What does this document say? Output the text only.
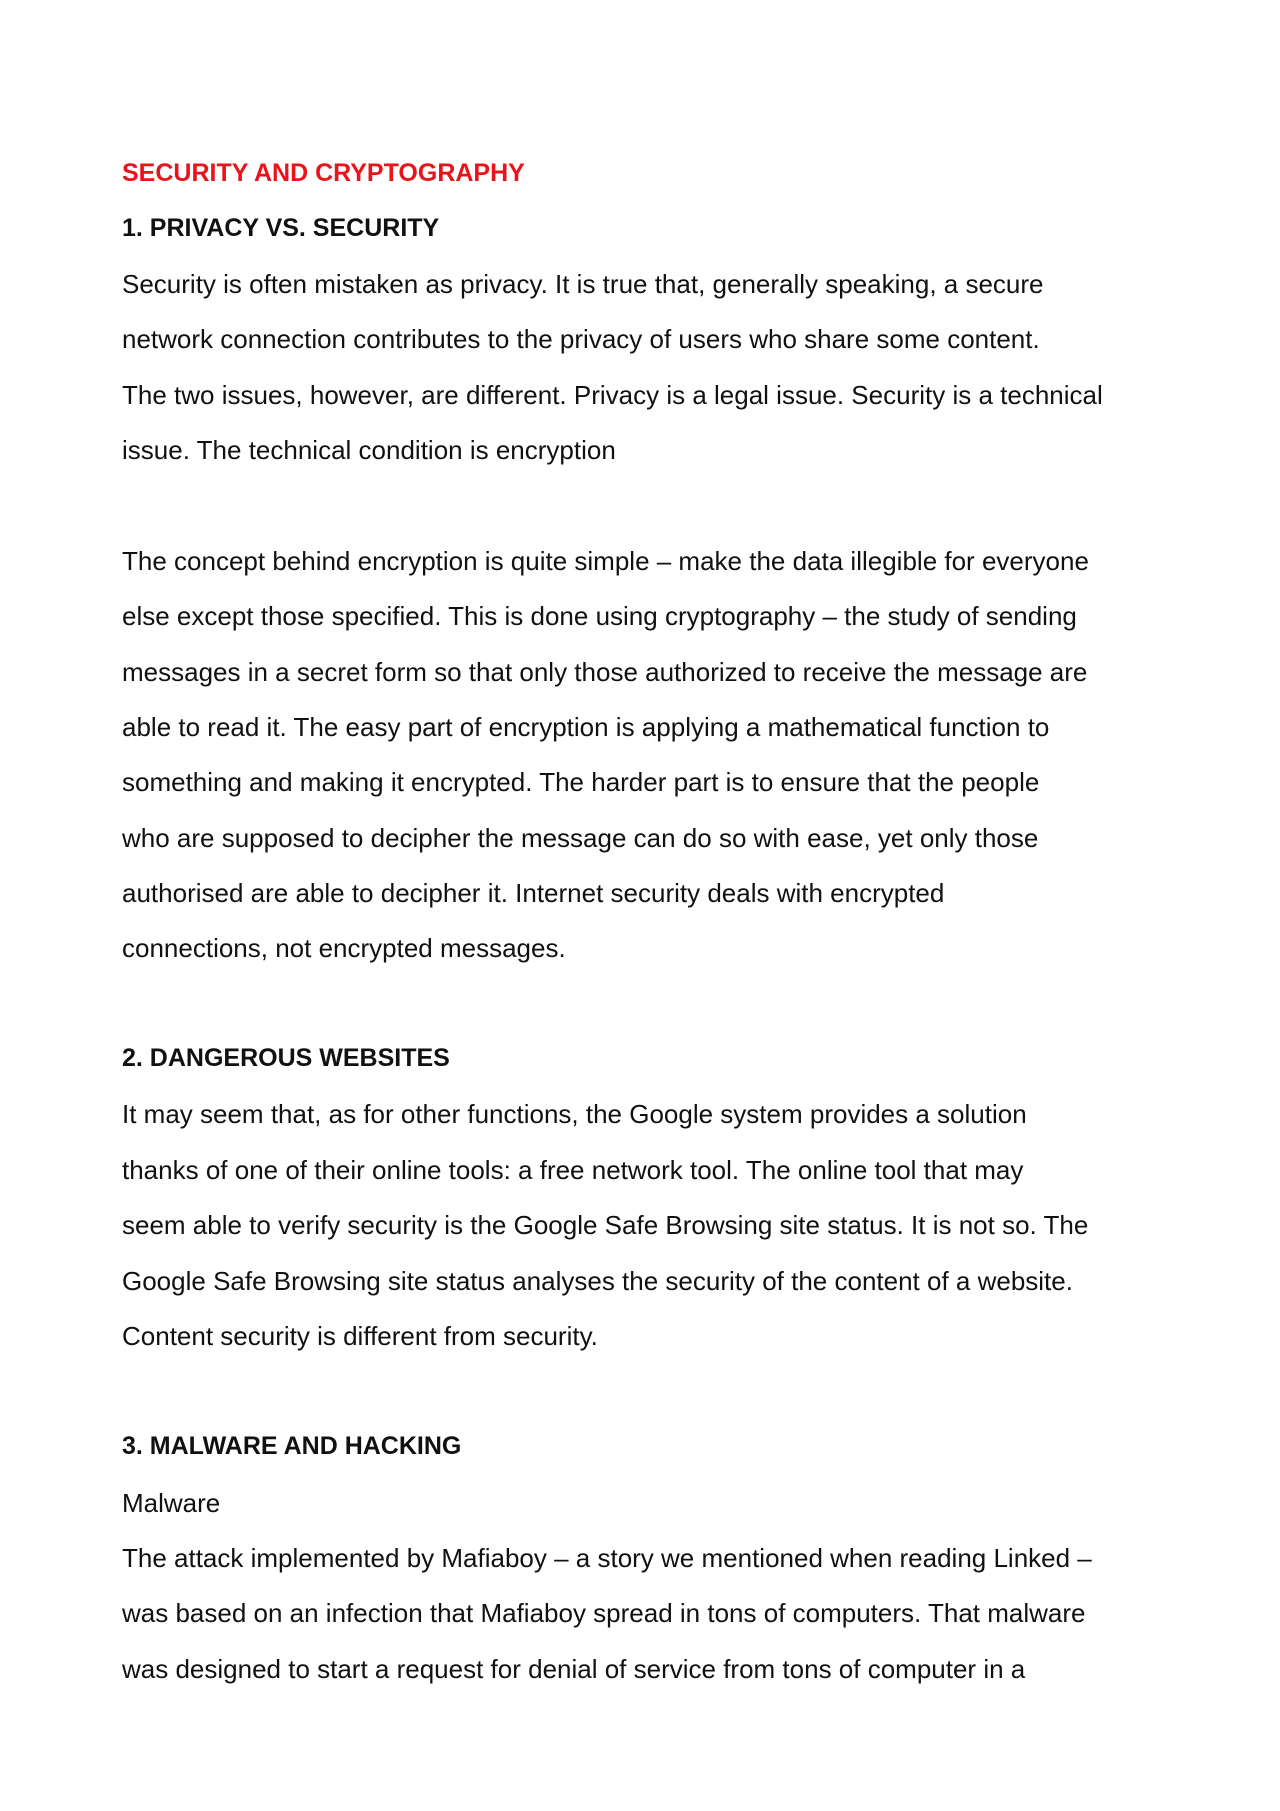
SECURITY AND CRYPTOGRAPHY
1. PRIVACY VS. SECURITY
Security is often mistaken as privacy. It is true that, generally speaking, a secure
network connection contributes to the privacy of users who share some content.
The two issues, however, are different. Privacy is a legal issue. Security is a technical
issue. The technical condition is encryption
The concept behind encryption is quite simple – make the data illegible for everyone
else except those specified. This is done using cryptography – the study of sending
messages in a secret form so that only those authorized to receive the message are
able to read it. The easy part of encryption is applying a mathematical function to
something and making it encrypted. The harder part is to ensure that the people
who are supposed to decipher the message can do so with ease, yet only those
authorised are able to decipher it. Internet security deals with encrypted
connections, not encrypted messages.
2. DANGEROUS WEBSITES
It may seem that, as for other functions, the Google system provides a solution
thanks of one of their online tools: a free network tool. The online tool that may
seem able to verify security is the Google Safe Browsing site status. It is not so. The
Google Safe Browsing site status analyses the security of the content of a website.
Content security is different from security.
3. MALWARE AND HACKING
Malware
The attack implemented by Mafiaboy – a story we mentioned when reading Linked –
was based on an infection that Mafiaboy spread in tons of computers. That malware
was designed to start a request for denial of service from tons of computer in a
